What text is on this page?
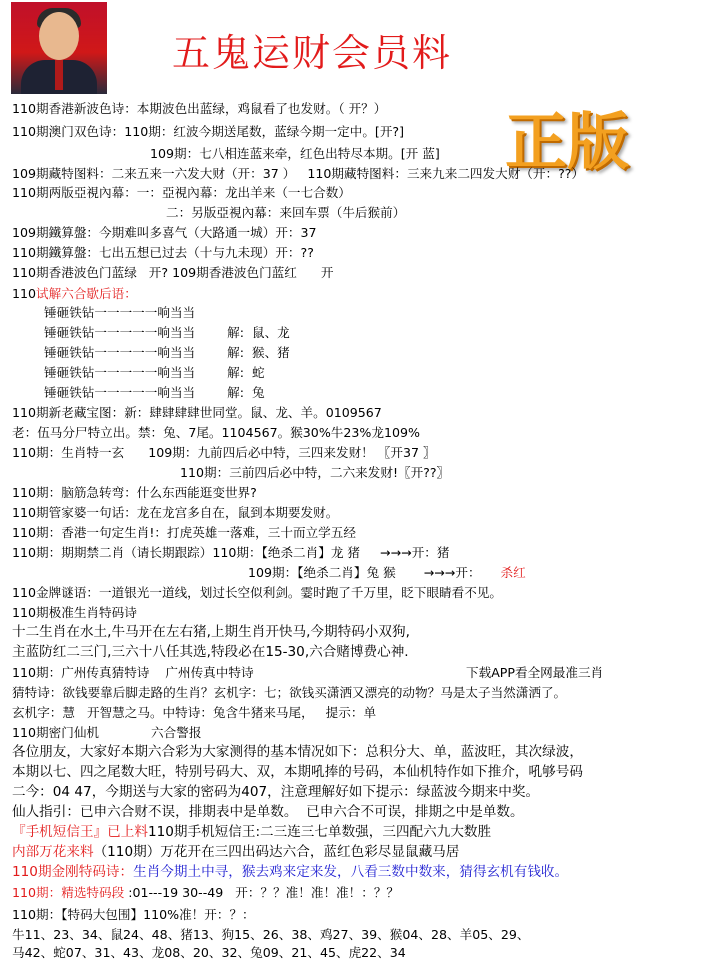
五鬼运财会员料
正版
110期香港新波色诗：本期波色出蓝绿，鸡鼠看了也发财。（ 开？）
110期澳门双色诗：110期：红波今期送尾数，蓝绿今期一定中。[开?]
109期：七八相连蓝来牵，红色出特尽本期。[开 蓝]
109期藏特图料：二来五来一六发大财（开：37 ）   110期藏特图料：三来九来二四发大财（开：??）
110期两版亞視內幕：一：亞視內幕：龙出羊来（一七合数）
二：另版亞視內幕：来回车票（牛后猴前）
109期鐵算盤：今期难叫多喜气（大路通一城）开：37
110期鐵算盤：七出五想已过去（十与九未现）开：??
110期香港波色门蓝绿   开? 109期香港波色门蓝红      开
110试解六合歇后语：
锤砸铁钻一一一一一响当当
锤砸铁钻一一一一一响当当        解:  鼠、龙
锤砸铁钻一一一一一响当当        解:  猴、猪
锤砸铁钻一一一一一响当当        解:  蛇
锤砸铁钻一一一一一响当当        解:  兔
110期新老藏宝图：新：肆肆肆肆世同堂。鼠、龙、羊。0109567
老：伍马分尸特立出。禁：兔、7尾。1104567。猴30%牛23%龙109%
110期：生肖特一玄      109期：九前四后必中特，三四来发财！ 〖开37 〗
110期：三前四后必中特，二六来发财!〖开??〗
110期：脑筋急转弯：什么东西能逛变世界?
110期管家婆一句话：龙在龙宫多自在，鼠到本期要发财。
110期：香港一句定生肖!：打虎英雄一落难，三十而立学五经
110期：期期禁二肖（请长期跟踪）110期：【绝杀二肖】龙 猪     →→→开：猪
109期：【绝杀二肖】兔 猴       →→→开： 杀红
110金牌谜语：一道银光一道线，划过长空似利剑。霎时跑了千万里，眨下眼睛看不见。
110期极准生肖特码诗
十二生肖在水土,牛马开在左右猪,上期生肖开快马,今期特码小双狗,
主蓝防红二三门,三六十八任其选,特段必在15-30,六合赌博费心神.
110期：广州传真猜特诗    广州传真中特诗	下载APP看全网最准三肖
猜特诗：欲钱要靠后脚走路的生肖？玄机字：七；欲钱买潇洒又漂亮的动物？马是太子当然潇洒了。
玄机字：慧   开智慧之马。中特诗：兔含牛猪来马尾，   提示：单
110期密门仙机             六合警报
各位朋友，大家好本期六合彩为大家测得的基本情况如下：总积分大、单，蓝波旺，其次绿波，
本期以七、四之尾数大旺，特别号码大、双，本期吼捧的号码，本仙机特作如下推介，吼够号码
二今：04 47，今期送与大家的密码为407，注意理解好如下提示：绿蓝波今期来中奖。
仙人指引：已申六合财不误，排期表中是单数。  已申六合不可误，排期之中是单数。
『手机短信王』已上料110期手机短信王:二三连三七单数强，三四配六九大数胜
内部万花来料（110期）万花开在三四出码达六合，蓝红色彩尽显鼠藏马居
110期金刚特码诗：生肖今期土中寻，猴去鸡来定来发，八看三数中数来，猜得玄机有钱收。
110期：精选特码段 :01---19 30--49   开：？？准！准！准！：？？
110期：【特码大包围】110%准！开：？：
牛11、23、34、鼠24、48、猪13、狗15、26、38、鸡27、39、猴04、28、羊05、29、
马42、蛇07、31、43、龙08、20、32、兔09、21、45、虎22、34
